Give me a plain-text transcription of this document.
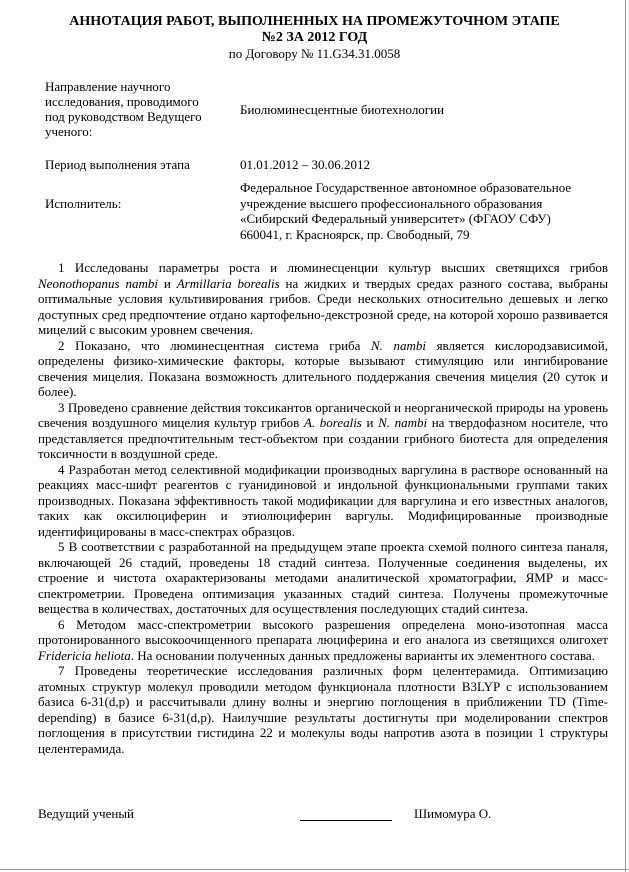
АННОТАЦИЯ РАБОТ, ВЫПОЛНЕННЫХ НА ПРОМЕЖУТОЧНОМ ЭТАПЕ
№2 ЗА 2012 ГОД
по Договору № 11.G34.31.0058
Направление научного
исследования, проводимого
под руководством Ведущего
ученого:
Биолюминесцентные биотехнологии
Период выполнения этапа	01.01.2012 – 30.06.2012
Исполнитель:
Федеральное Государственное автономное образовательное
учреждение высшего профессионального образования
«Сибирский Федеральный университет» (ФГАОУ СФУ)
660041, г. Красноярск, пр. Свободный, 79

1 Исследованы параметры роста и люминесценции культур высших светящихся грибов Neonothopanus nambi и Armillaria borealis на жидких и твердых средах разного состава, выбраны оптимальные условия культивирования грибов. Среди нескольких относительно дешевых и легко доступных сред предпочтение отдано картофельно-декстрозной среде, на которой хорошо развивается мицелий с высоким уровнем свечения.

2 Показано, что люминесцентная система гриба N. nambi является кислородзависимой, определены физико-химические факторы, которые вызывают стимуляцию или ингибирование свечения мицелия. Показана возможность длительного поддержания свечения мицелия (20 суток и более).

3 Проведено сравнение действия токсикантов органической и неорганической природы на уровень свечения воздушного мицелия культур грибов A. borealis и N. nambi на твердофазном носителе, что представляется предпочтительным тест-объектом при создании грибного биотеста для определения токсичности в воздушной среде.

4 Разработан метод селективной модификации производных варгулина в растворе основанный на реакциях масс-шифт реагентов с гуанидиновой и индольной функциональными группами таких производных. Показана эффективность такой модификации для варгулина и его известных аналогов, таких как оксилюциферин и этиолюциферин варгулы. Модифицированные производные идентифицированы в масс-спектрах образцов.

5 В соответствии с разработанной на предыдущем этапе проекта схемой полного синтеза паналя, включающей 26 стадий, проведены 18 стадий синтеза. Полученные соединения выделены, их строение и чистота охарактеризованы методами аналитической хроматографии, ЯМР и масс-спектрометрии. Проведена оптимизация указанных стадий синтеза. Получены промежуточные вещества в количествах, достаточных для осуществления последующих стадий синтеза.

6 Методом масс-спектрометрии высокого разрешения определена моно-изотопная масса протонированного высокоочищенного препарата люциферина и его аналога из светящихся олигохет Fridericia heliota. На основании полученных данных предложены варианты их элементного состава.

7 Проведены теоретические исследования различных форм целентерамида. Оптимизацию атомных структур молекул проводили методом функционала плотности B3LYP с использованием базиса 6-31(d,p) и рассчитывали длину волны и энергию поглощения в приближении TD (Time-depending) в базисе 6-31(d,p). Наилучшие результаты достигнуты при моделировании спектров поглощения в присутствии гистидина 22 и молекулы воды напротив азота в позиции 1 структуры целентерамида.

Ведущий ученый	Шимомура О.
